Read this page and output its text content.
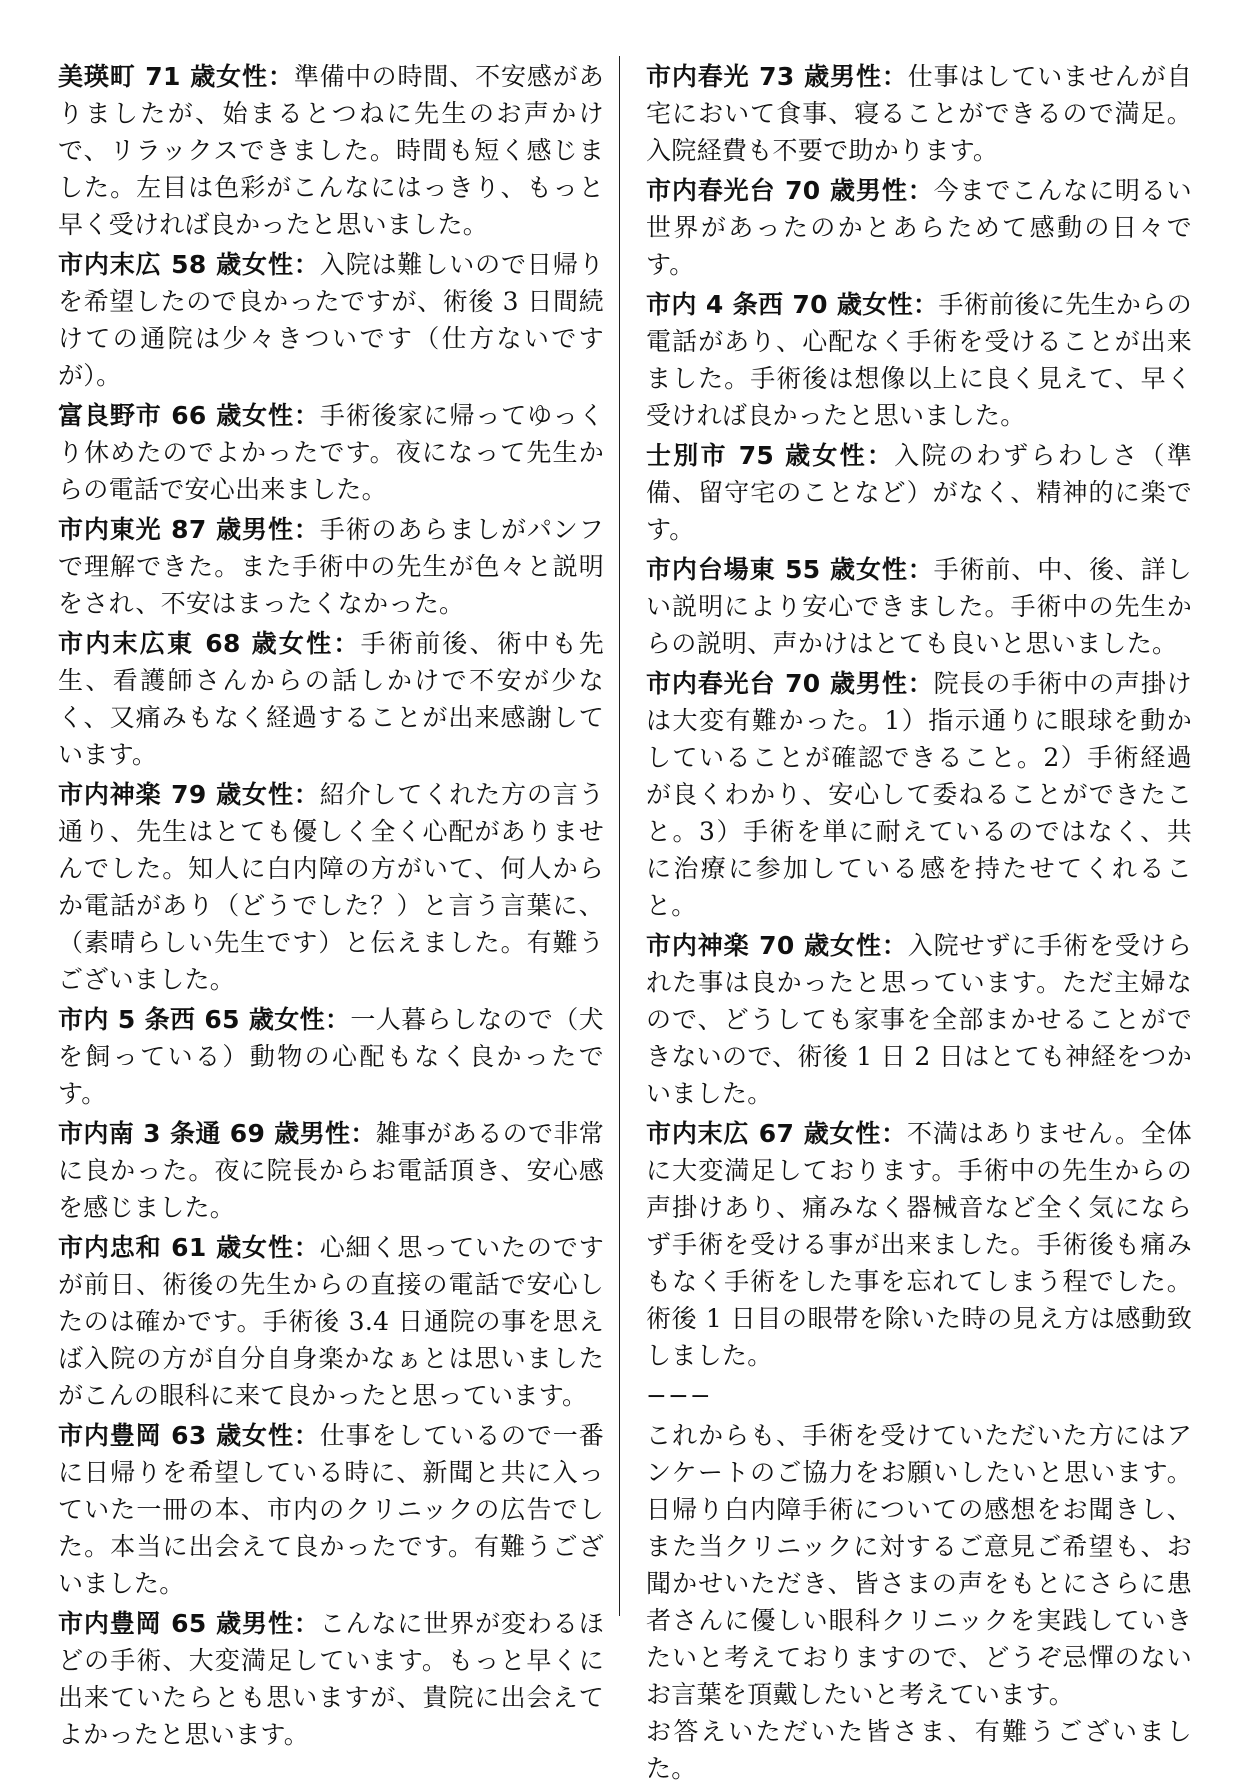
美瑛町 71 歳女性：準備中の時間、不安感がありましたが、始まるとつねに先生のお声かけで、リラックスできました。時間も短く感じました。左目は色彩がこんなにはっきり、もっと早く受ければ良かったと思いました。

市内末広 58 歳女性：入院は難しいので日帰りを希望したので良かったですが、術後 3 日間続けての通院は少々きついです（仕方ないですが）。

富良野市 66 歳女性：手術後家に帰ってゆっくり休めたのでよかったです。夜になって先生からの電話で安心出来ました。

市内東光 87 歳男性：手術のあらましがパンフで理解できた。また手術中の先生が色々と説明をされ、不安はまったくなかった。

市内末広東 68 歳女性：手術前後、術中も先生、看護師さんからの話しかけで不安が少なく、又痛みもなく経過することが出来感謝しています。

市内神楽 79 歳女性：紹介してくれた方の言う通り、先生はとても優しく全く心配がありませんでした。知人に白内障の方がいて、何人からか電話があり（どうでした？）と言う言葉に、（素晴らしい先生です）と伝えました。有難うございました。

市内 5 条西 65 歳女性：一人暮らしなので（犬を飼っている）動物の心配もなく良かったです。

市内南 3 条通 69 歳男性：雑事があるので非常に良かった。夜に院長からお電話頂き、安心感を感じました。

市内忠和 61 歳女性：心細く思っていたのですが前日、術後の先生からの直接の電話で安心したのは確かです。手術後 3.4 日通院の事を思えば入院の方が自分自身楽かなぁとは思いましたがこんの眼科に来て良かったと思っています。

市内豊岡 63 歳女性：仕事をしているので一番に日帰りを希望している時に、新聞と共に入っていた一冊の本、市内のクリニックの広告でした。本当に出会えて良かったです。有難うございました。

市内豊岡 65 歳男性：こんなに世界が変わるほどの手術、大変満足しています。もっと早くに出来ていたらとも思いますが、貴院に出会えてよかったと思います。

市内春光 73 歳男性：仕事はしていませんが自宅において食事、寝ることができるので満足。入院経費も不要で助かります。

市内春光台 70 歳男性：今までこんなに明るい世界があったのかとあらためて感動の日々です。

市内 4 条西 70 歳女性：手術前後に先生からの電話があり、心配なく手術を受けることが出来ました。手術後は想像以上に良く見えて、早く受ければ良かったと思いました。

士別市 75 歳女性：入院のわずらわしさ（準備、留守宅のことなど）がなく、精神的に楽です。

市内台場東 55 歳女性：手術前、中、後、詳しい説明により安心できました。手術中の先生からの説明、声かけはとても良いと思いました。

市内春光台 70 歳男性：院長の手術中の声掛けは大変有難かった。1）指示通りに眼球を動かしていることが確認できること。2）手術経過が良くわかり、安心して委ねることができたこと。3）手術を単に耐えているのではなく、共に治療に参加している感を持たせてくれること。

市内神楽 70 歳女性：入院せずに手術を受けられた事は良かったと思っています。ただ主婦なので、どうしても家事を全部まかせることができないので、術後 1 日 2 日はとても神経をつかいました。

市内末広 67 歳女性：不満はありません。全体に大変満足しております。手術中の先生からの声掛けあり、痛みなく器械音など全く気にならず手術を受ける事が出来ました。手術後も痛みもなく手術をした事を忘れてしまう程でした。術後 1 日目の眼帯を除いた時の見え方は感動致しました。

−−−

これからも、手術を受けていただいた方にはアンケートのご協力をお願いしたいと思います。日帰り白内障手術についての感想をお聞きし、また当クリニックに対するご意見ご希望も、お聞かせいただき、皆さまの声をもとにさらに患者さんに優しい眼科クリニックを実践していきたいと考えておりますので、どうぞ忌憚のないお言葉を頂戴したいと考えています。

お答えいただいた皆さま、有難うございました。
